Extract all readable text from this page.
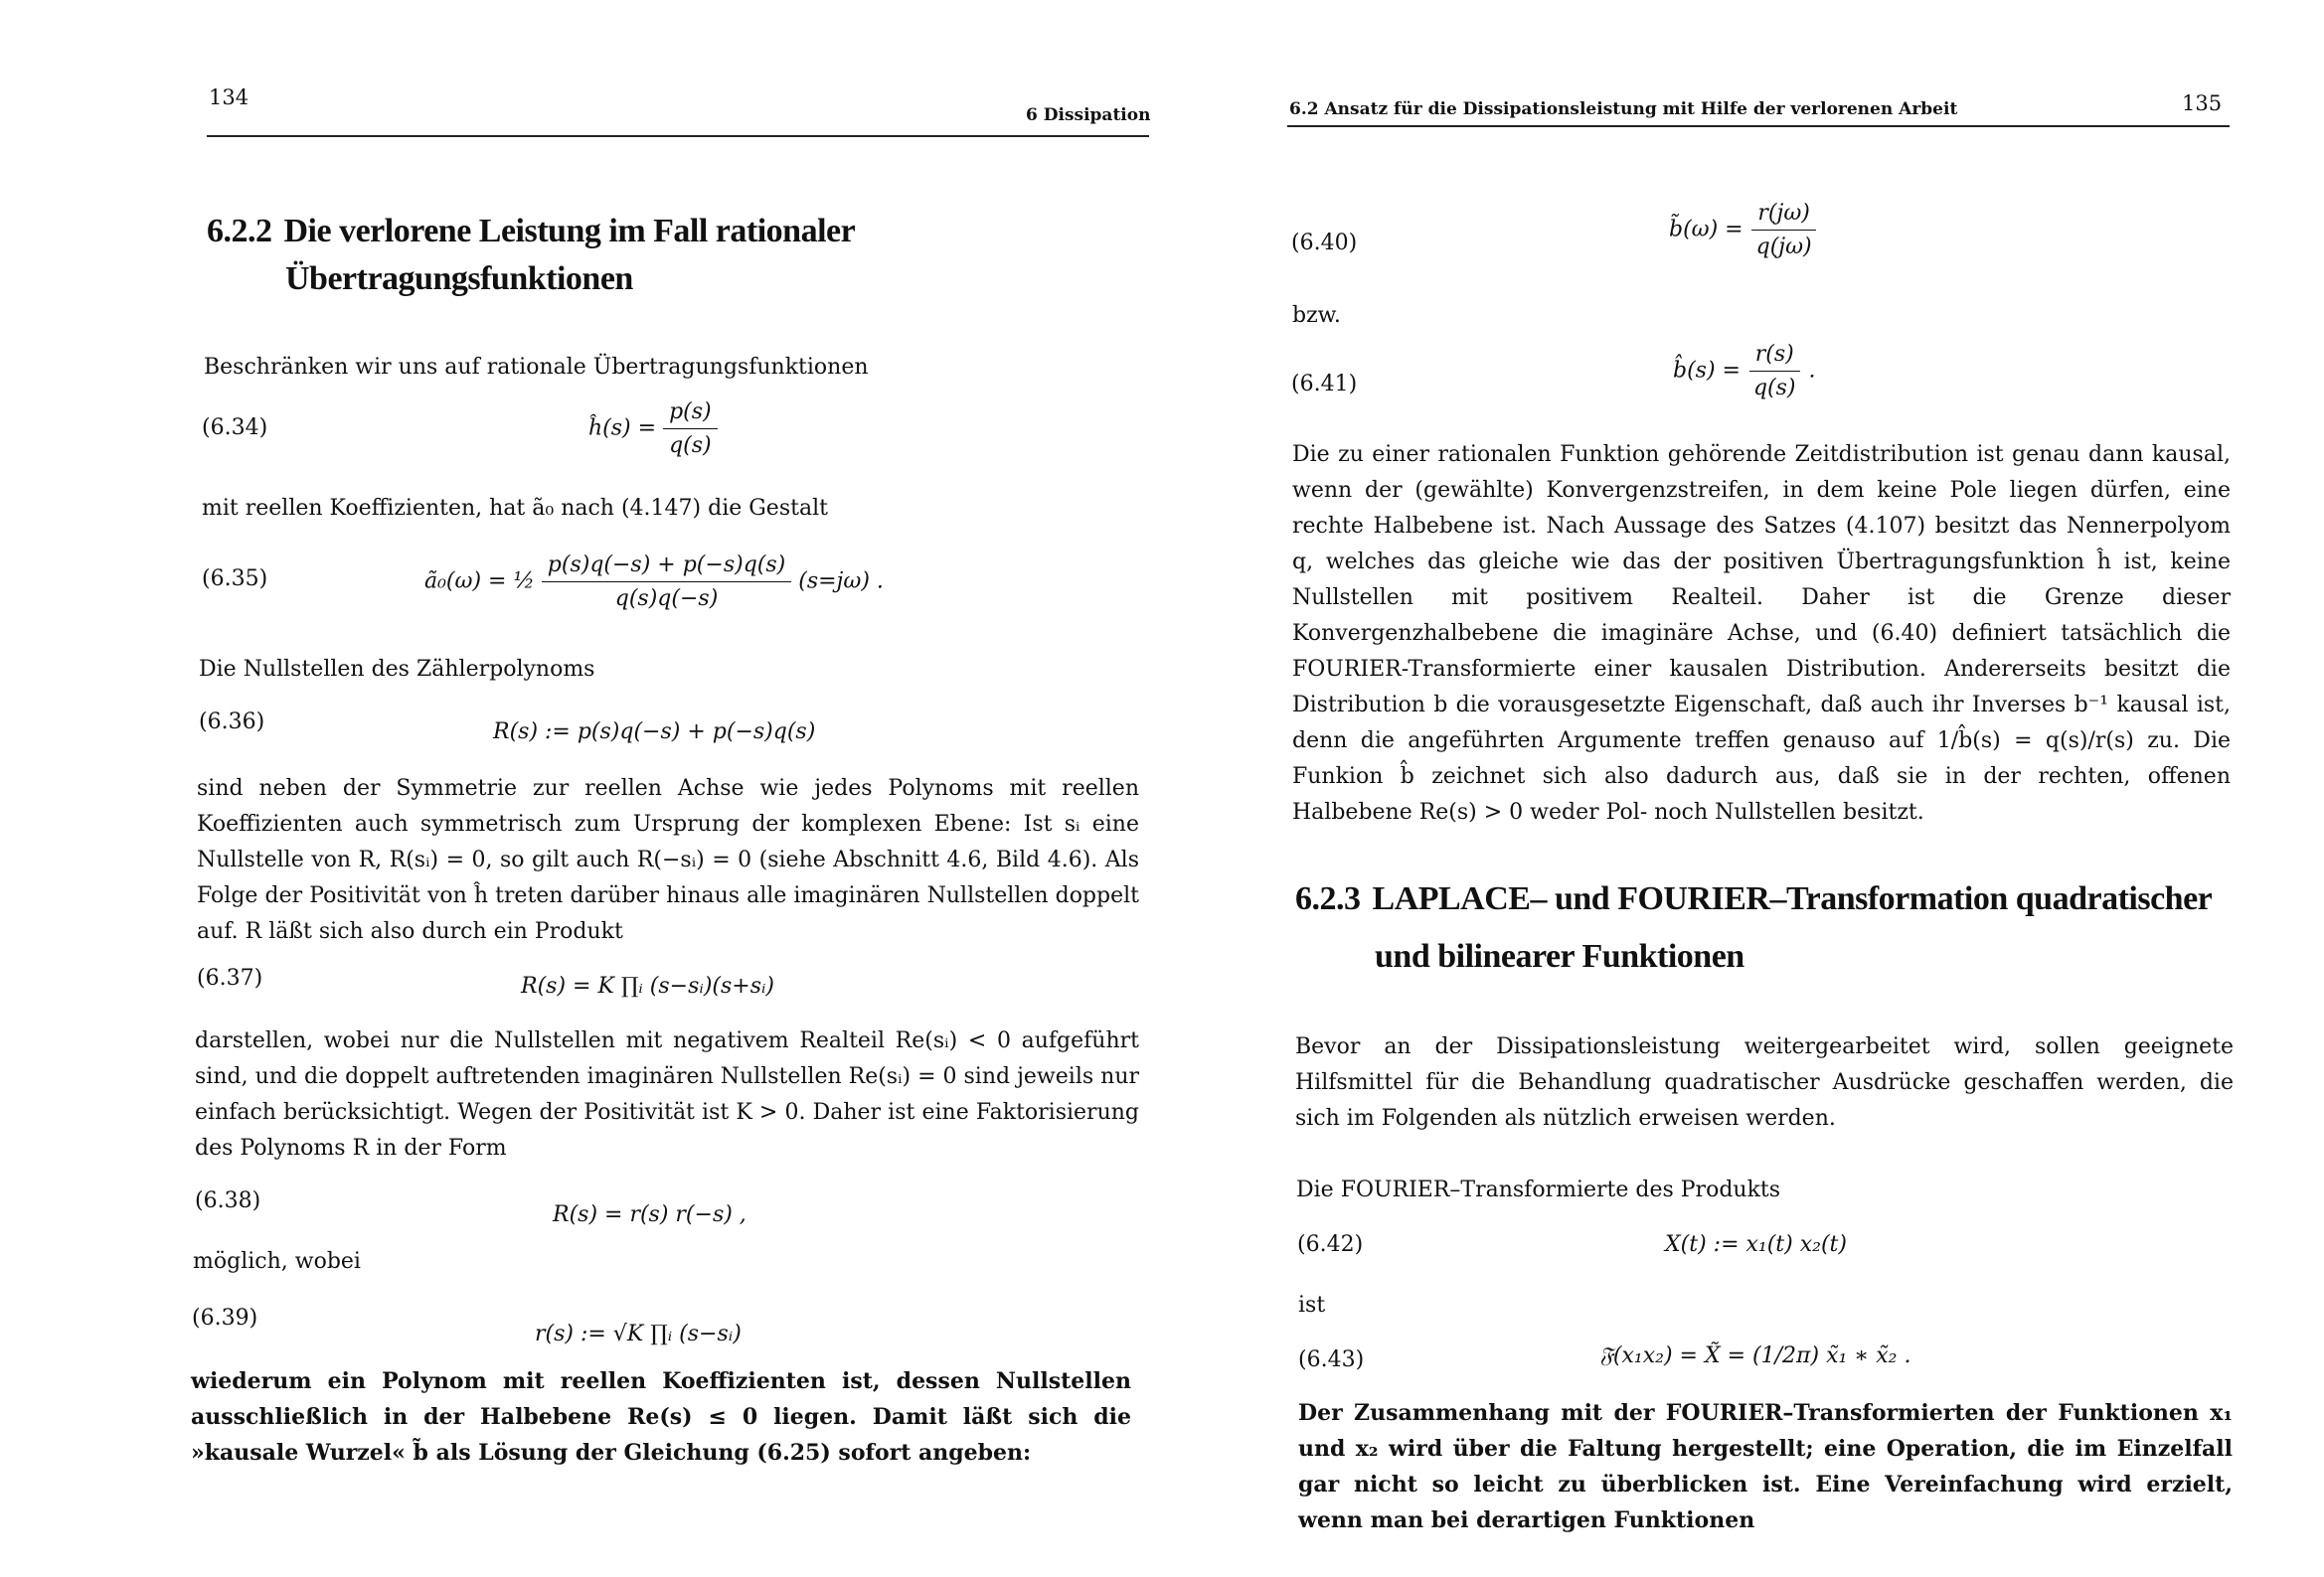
134
6 Dissipation
6.2.2 Die verlorene Leistung im Fall rationaler
Übertragungsfunktionen
Beschränken wir uns auf rationale Übertragungsfunktionen
(6.34)	ĥ(s) = $\frac{p(s)}{q(s)}$
mit reellen Koeffizienten, hat ã₀ nach (4.147) die Gestalt
(6.35)	ã₀(ω) = ½ $\frac{p(s)q(-s) + p(-s)q(s)}{q(s)q(-s)} (s=j\omega)$ .
Die Nullstellen des Zählerpolynoms
(6.36)	R(s) := p(s)q(−s) + p(−s)q(s)
sind neben der Symmetrie zur reellen Achse wie jedes Polynoms mit reellen Koeffizienten auch symmetrisch zum Ursprung der komplexen Ebene: Ist sᵢ eine Nullstelle von R, R(sᵢ) = 0, so gilt auch R(−sᵢ) = 0 (siehe Abschnitt 4.6, Bild 4.6). Als Folge der Positivität von ĥ treten darüber hinaus alle imaginären Nullstellen doppelt auf. R läßt sich also durch ein Produkt
(6.37)	R(s) = K ∏ᵢ (s−sᵢ)(s+sᵢ)
darstellen, wobei nur die Nullstellen mit negativem Realteil Re(sᵢ) < 0 aufgeführt sind, und die doppelt auftretenden imaginären Nullstellen Re(sᵢ) = 0 sind jeweils nur einfach berücksichtigt. Wegen der Positivität ist K > 0. Daher ist eine Faktorisierung des Polynoms R in der Form
(6.38)
R(s) = r(s) r(−s) ,
möglich, wobei
(6.39)
r(s) := √K ∏ᵢ (s−sᵢ)
wiederum ein Polynom mit reellen Koeffizienten ist, dessen Nullstellen ausschließlich in der Halbebene Re(s) ≤ 0 liegen. Damit läßt sich die »kausale Wurzel« b̃ als Lösung der Gleichung (6.25) sofort angeben:
6.2 Ansatz für die Dissipationsleistung mit Hilfe der verlorenen Arbeit	135
(6.40)
b̃(ω) = $\frac{r(j\omega)}{q(j\omega)}$
bzw.
(6.41)
b̂(s) = $\frac{r(s)}{q(s)}$ .
Die zu einer rationalen Funktion gehörende Zeitdistribution ist genau dann kausal, wenn der (gewählte) Konvergenzstreifen, in dem keine Pole liegen dürfen, eine rechte Halbebene ist. Nach Aussage des Satzes (4.107) besitzt das Nennerpolyom q, welches das gleiche wie das der positiven Übertragungsfunktion ĥ ist, keine Nullstellen mit positivem Realteil. Daher ist die Grenze dieser Konvergenzhalbebene die imaginäre Achse, und (6.40) definiert tatsächlich die FOURIER-Transformierte einer kausalen Distribution. Andererseits besitzt die Distribution b die vorausgesetzte Eigenschaft, daß auch ihr Inverses b⁻¹ kausal ist, denn die angeführten Argumente treffen genauso auf 1/b̂(s) = q(s)/r(s) zu. Die Funkion b̂ zeichnet sich also dadurch aus, daß sie in der rechten, offenen Halbebene Re(s) > 0 weder Pol- noch Nullstellen besitzt.
6.2.3 LAPLACE– und FOURIER–Transformation quadratischer
und bilinearer Funktionen
Bevor an der Dissipationsleistung weitergearbeitet wird, sollen geeignete Hilfsmittel für die Behandlung quadratischer Ausdrücke geschaffen werden, die sich im Folgenden als nützlich erweisen werden.
Die FOURIER–Transformierte des Produkts
(6.42)	X(t) := x₁(t) x₂(t)
ist
(6.43)	𝔉(x₁x₂) = X̃ = (1/2π) x̃₁ ∗ x̃₂ .
Der Zusammenhang mit der FOURIER–Transformierten der Funktionen x₁ und x₂ wird über die Faltung hergestellt; eine Operation, die im Einzelfall gar nicht so leicht zu überblicken ist. Eine Vereinfachung wird erzielt, wenn man bei derartigen Funktionen
